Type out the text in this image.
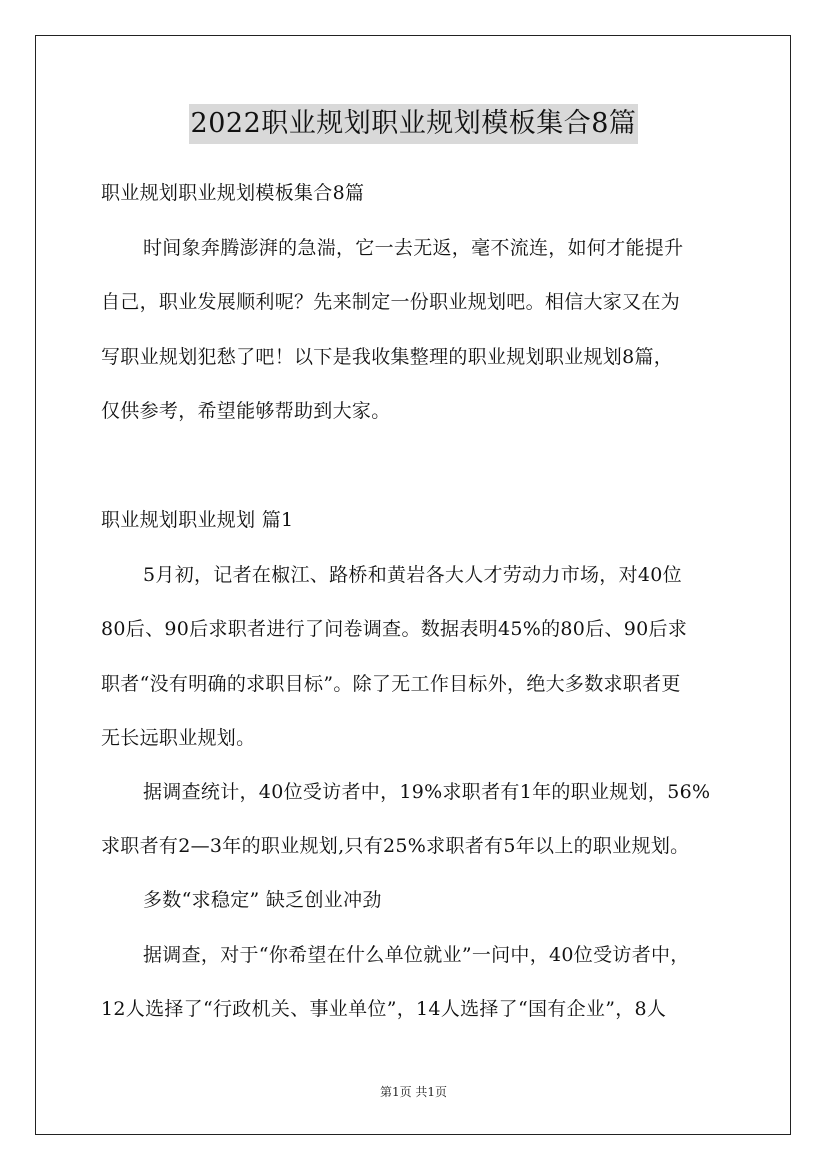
2022职业规划职业规划模板集合8篇
职业规划职业规划模板集合8篇
时间象奔腾澎湃的急湍，它一去无返，毫不流连，如何才能提升
自己，职业发展顺利呢？先来制定一份职业规划吧。相信大家又在为
写职业规划犯愁了吧！以下是我收集整理的职业规划职业规划8篇，
仅供参考，希望能够帮助到大家。
职业规划职业规划 篇1
5月初，记者在椒江、路桥和黄岩各大人才劳动力市场，对40位
80后、90后求职者进行了问卷调查。数据表明45%的80后、90后求
职者“没有明确的求职目标”。除了无工作目标外，绝大多数求职者更
无长远职业规划。
据调查统计，40位受访者中，19%求职者有1年的职业规划，56%
求职者有2—3年的职业规划,只有25%求职者有5年以上的职业规划。
多数“求稳定” 缺乏创业冲劲
据调查，对于“你希望在什么单位就业”一问中，40位受访者中，
12人选择了“行政机关、事业单位”，14人选择了“国有企业”，8人
第1页 共1页
